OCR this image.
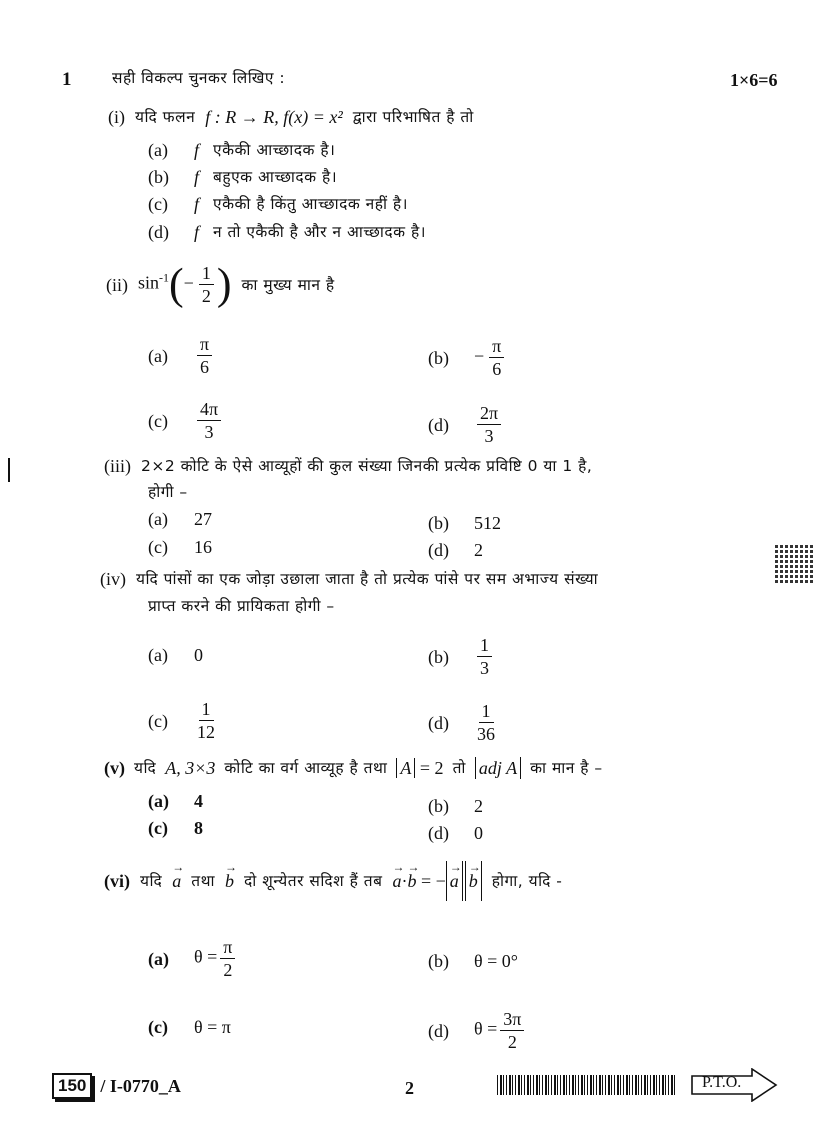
1	सही विकल्प चुनकर लिखिए :	1×6=6
(i) यदि फलन f : R → R, f(x) = x² द्वारा परिभाषित है तो
(a)	f एकैकी आच्छादक है।
(b)	f बहुएक आच्छादक है।
(c)	f एकैकी है किंतु आच्छादक नहीं है।
(d)	f न तो एकैकी है और न आच्छादक है।
(ii) $\sin^{-1}(- \frac{1}{2}$ ) का मुख्य मान है
(a)	$\frac{\pi}{6}$	(b)	− $\frac{\pi}{6}$
(c)	$\frac{4\pi}{3}$	(d)	$\frac{2\pi}{3}$
(iii) 2×2 कोटि के ऐसे आव्यूहों की कुल संख्या जिनकी प्रत्येक प्रविष्टि 0 या 1 है,
होगी –
(a)	27	(b)	512
(c)	16	(d)	2
(iv) यदि पांसों का एक जोड़ा उछाला जाता है तो प्रत्येक पांसे पर सम अभाज्य संख्या
प्राप्त करने की प्रायिकता होगी –
(a)	0	(b)	$\frac{1}{3}$
(c)	$\frac{1}{12}$	(d)	$\frac{1}{36}$
(v) यदि A, 3×3 कोटि का वर्ग आव्यूह है तथा A = 2 तो adj A का मान है –
(a)	4	(b)	2
(c)	8	(d)	0
(vi) यदि → a तथा → b दो शून्येतर सदिश हैं तब → a·→ b = − → a → b होगा, यदि -
(a)	$\theta = \frac{\pi}{2}$	(b)	θ = 0°
(c)	θ = π	(d)	$\theta = \frac{3\pi}{2}$
150 / I-0770_A	2	P.T.O.
